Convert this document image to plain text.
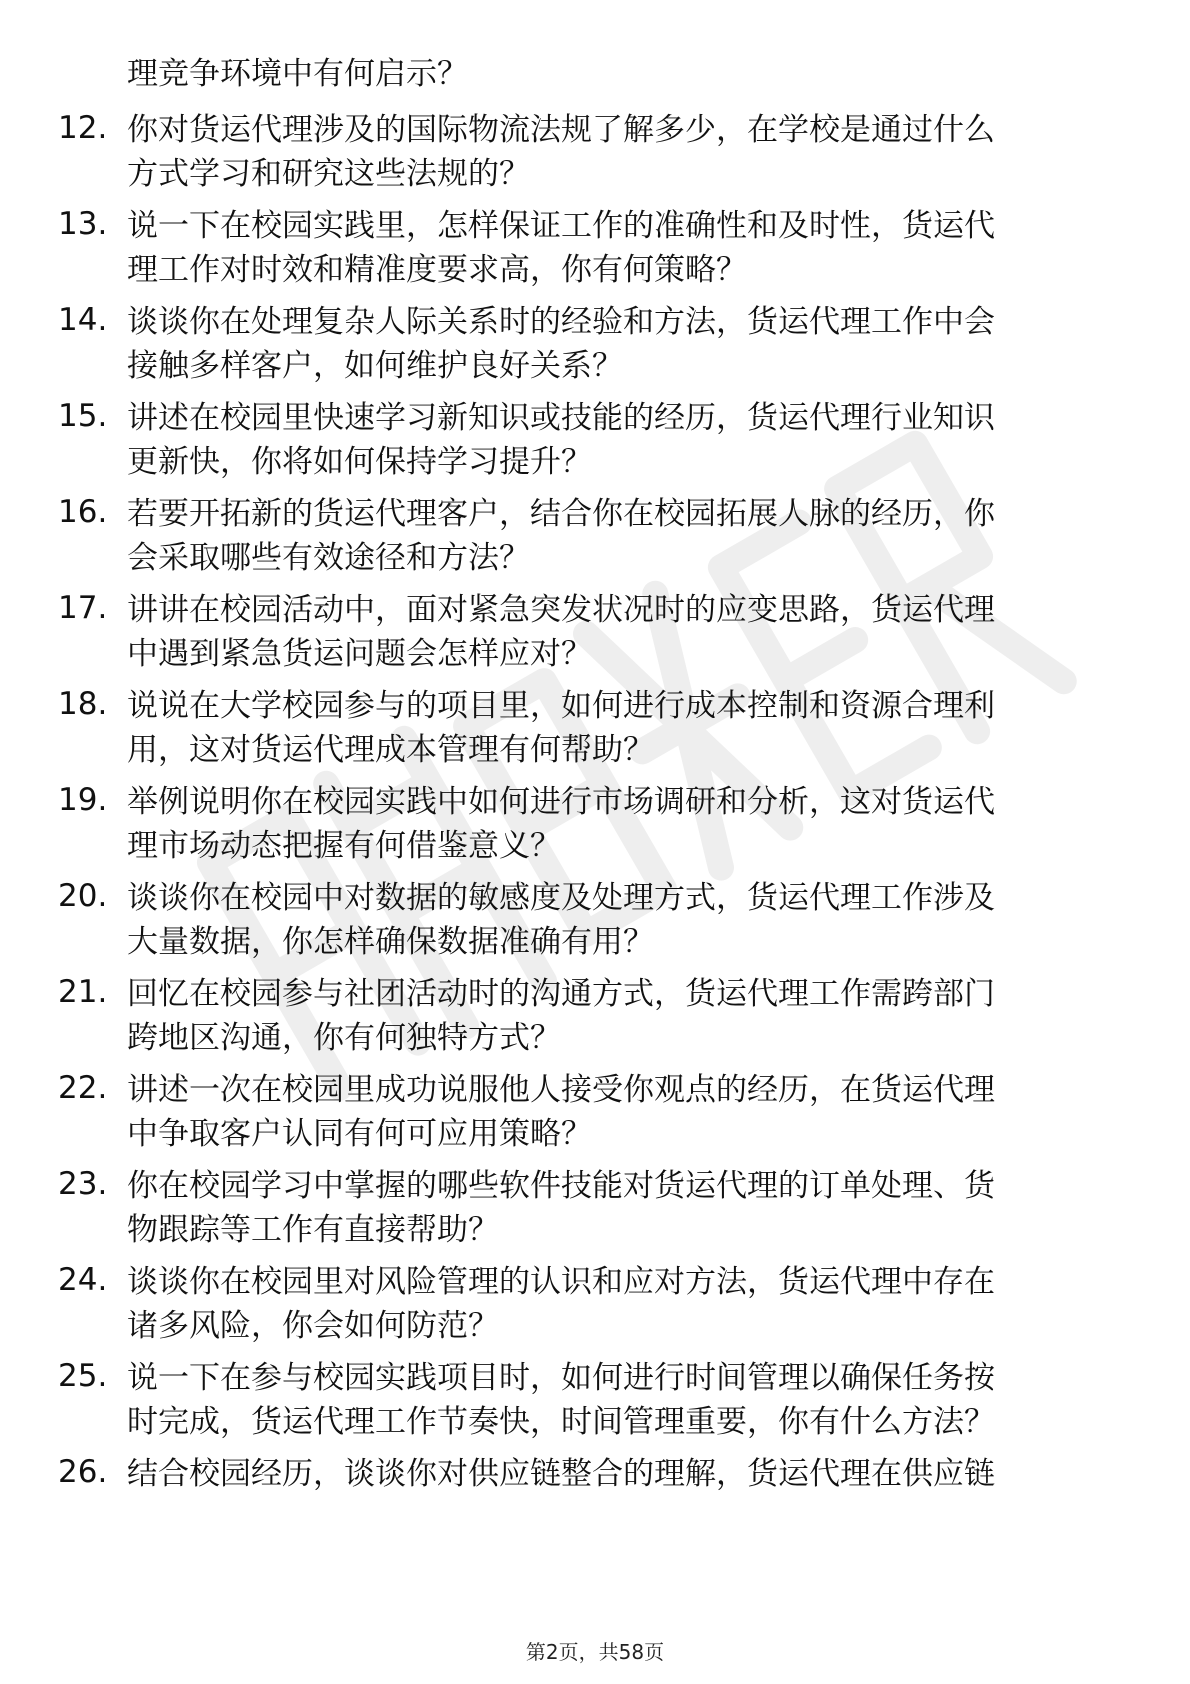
理竞争环境中有何启示？
12. 你对货运代理涉及的国际物流法规了解多少，在学校是通过什么
方式学习和研究这些法规的？
13. 说一下在校园实践里，怎样保证工作的准确性和及时性，货运代
理工作对时效和精准度要求高，你有何策略？
14. 谈谈你在处理复杂人际关系时的经验和方法，货运代理工作中会
接触多样客户，如何维护良好关系？
15. 讲述在校园里快速学习新知识或技能的经历，货运代理行业知识
更新快，你将如何保持学习提升？
16. 若要开拓新的货运代理客户，结合你在校园拓展人脉的经历，你
会采取哪些有效途径和方法？
17. 讲讲在校园活动中，面对紧急突发状况时的应变思路，货运代理
中遇到紧急货运问题会怎样应对？
18. 说说在大学校园参与的项目里，如何进行成本控制和资源合理利
用，这对货运代理成本管理有何帮助？
19. 举例说明你在校园实践中如何进行市场调研和分析，这对货运代
理市场动态把握有何借鉴意义？
20. 谈谈你在校园中对数据的敏感度及处理方式，货运代理工作涉及
大量数据，你怎样确保数据准确有用？
21. 回忆在校园参与社团活动时的沟通方式，货运代理工作需跨部门
跨地区沟通，你有何独特方式？
22. 讲述一次在校园里成功说服他人接受你观点的经历，在货运代理
中争取客户认同有何可应用策略？
23. 你在校园学习中掌握的哪些软件技能对货运代理的订单处理、货
物跟踪等工作有直接帮助？
24. 谈谈你在校园里对风险管理的认识和应对方法，货运代理中存在
诸多风险，你会如何防范？
25. 说一下在参与校园实践项目时，如何进行时间管理以确保任务按
时完成，货运代理工作节奏快，时间管理重要，你有什么方法？
26. 结合校园经历，谈谈你对供应链整合的理解，货运代理在供应链
第2页，共58页
